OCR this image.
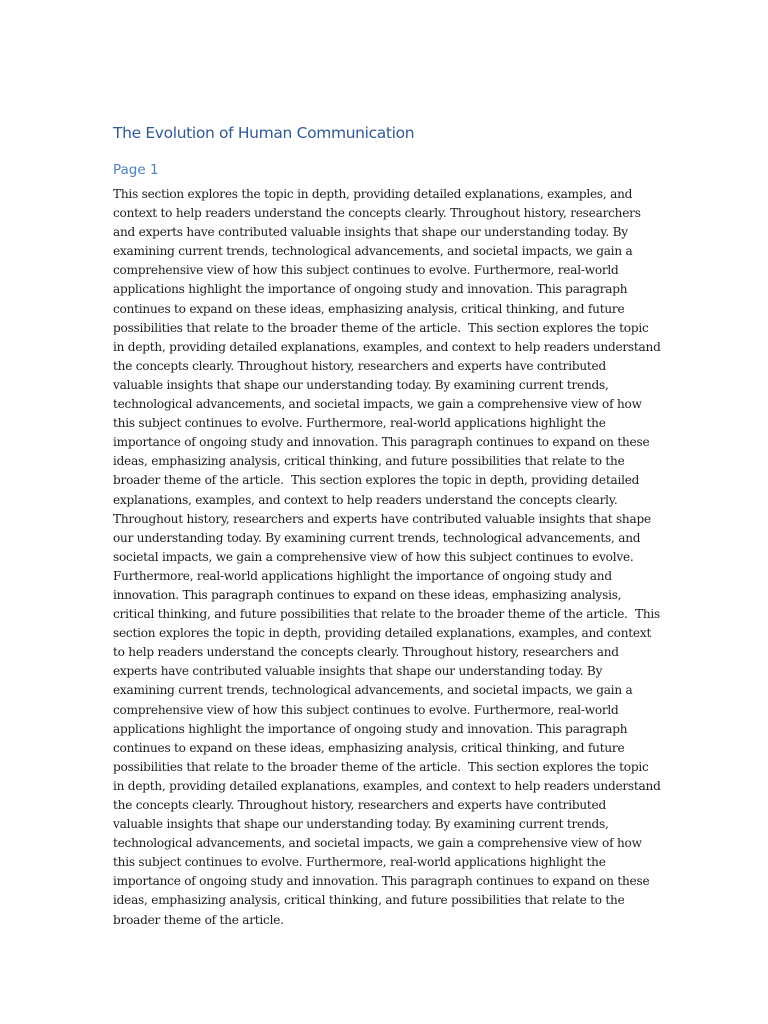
The Evolution of Human Communication
Page 1
This section explores the topic in depth, providing detailed explanations, examples, and
context to help readers understand the concepts clearly. Throughout history, researchers
and experts have contributed valuable insights that shape our understanding today. By
examining current trends, technological advancements, and societal impacts, we gain a
comprehensive view of how this subject continues to evolve. Furthermore, real-world
applications highlight the importance of ongoing study and innovation. This paragraph
continues to expand on these ideas, emphasizing analysis, critical thinking, and future
possibilities that relate to the broader theme of the article.  This section explores the topic
in depth, providing detailed explanations, examples, and context to help readers understand
the concepts clearly. Throughout history, researchers and experts have contributed
valuable insights that shape our understanding today. By examining current trends,
technological advancements, and societal impacts, we gain a comprehensive view of how
this subject continues to evolve. Furthermore, real-world applications highlight the
importance of ongoing study and innovation. This paragraph continues to expand on these
ideas, emphasizing analysis, critical thinking, and future possibilities that relate to the
broader theme of the article.  This section explores the topic in depth, providing detailed
explanations, examples, and context to help readers understand the concepts clearly.
Throughout history, researchers and experts have contributed valuable insights that shape
our understanding today. By examining current trends, technological advancements, and
societal impacts, we gain a comprehensive view of how this subject continues to evolve.
Furthermore, real-world applications highlight the importance of ongoing study and
innovation. This paragraph continues to expand on these ideas, emphasizing analysis,
critical thinking, and future possibilities that relate to the broader theme of the article.  This
section explores the topic in depth, providing detailed explanations, examples, and context
to help readers understand the concepts clearly. Throughout history, researchers and
experts have contributed valuable insights that shape our understanding today. By
examining current trends, technological advancements, and societal impacts, we gain a
comprehensive view of how this subject continues to evolve. Furthermore, real-world
applications highlight the importance of ongoing study and innovation. This paragraph
continues to expand on these ideas, emphasizing analysis, critical thinking, and future
possibilities that relate to the broader theme of the article.  This section explores the topic
in depth, providing detailed explanations, examples, and context to help readers understand
the concepts clearly. Throughout history, researchers and experts have contributed
valuable insights that shape our understanding today. By examining current trends,
technological advancements, and societal impacts, we gain a comprehensive view of how
this subject continues to evolve. Furthermore, real-world applications highlight the
importance of ongoing study and innovation. This paragraph continues to expand on these
ideas, emphasizing analysis, critical thinking, and future possibilities that relate to the
broader theme of the article.
